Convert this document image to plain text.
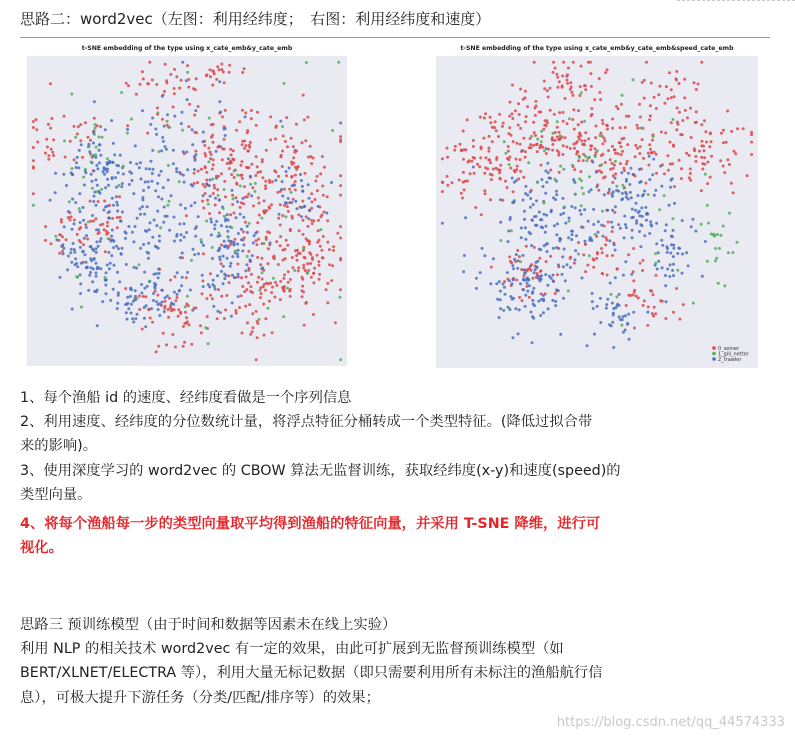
思路二：word2vec（左图：利用经纬度；　右图：利用经纬度和速度）
t-SNE embedding of the type using x_cate_emb&y_cate_emb	t-SNE embedding of the type using x_cate_emb&y_cate_emb&speed_cate_emb
0_seiner
1_gill_netter
2_trawler
1、每个渔船 id 的速度、经纬度看做是一个序列信息
2、利用速度、经纬度的分位数统计量，将浮点特征分桶转成一个类型特征。(降低过拟合带
来的影响)。
3、使用深度学习的 word2vec 的 CBOW 算法无监督训练，获取经纬度(x-y)和速度(speed)的
类型向量。
4、将每个渔船每一步的类型向量取平均得到渔船的特征向量，并采用 T-SNE 降维，进行可
视化。
思路三 预训练模型（由于时间和数据等因素未在线上实验）
利用 NLP 的相关技术 word2vec 有一定的效果，由此可扩展到无监督预训练模型（如
BERT/XLNET/ELECTRA 等），利用大量无标记数据（即只需要利用所有未标注的渔船航行信
息），可极大提升下游任务（分类/匹配/排序等）的效果；
https://blog.csdn.net/qq_44574333
